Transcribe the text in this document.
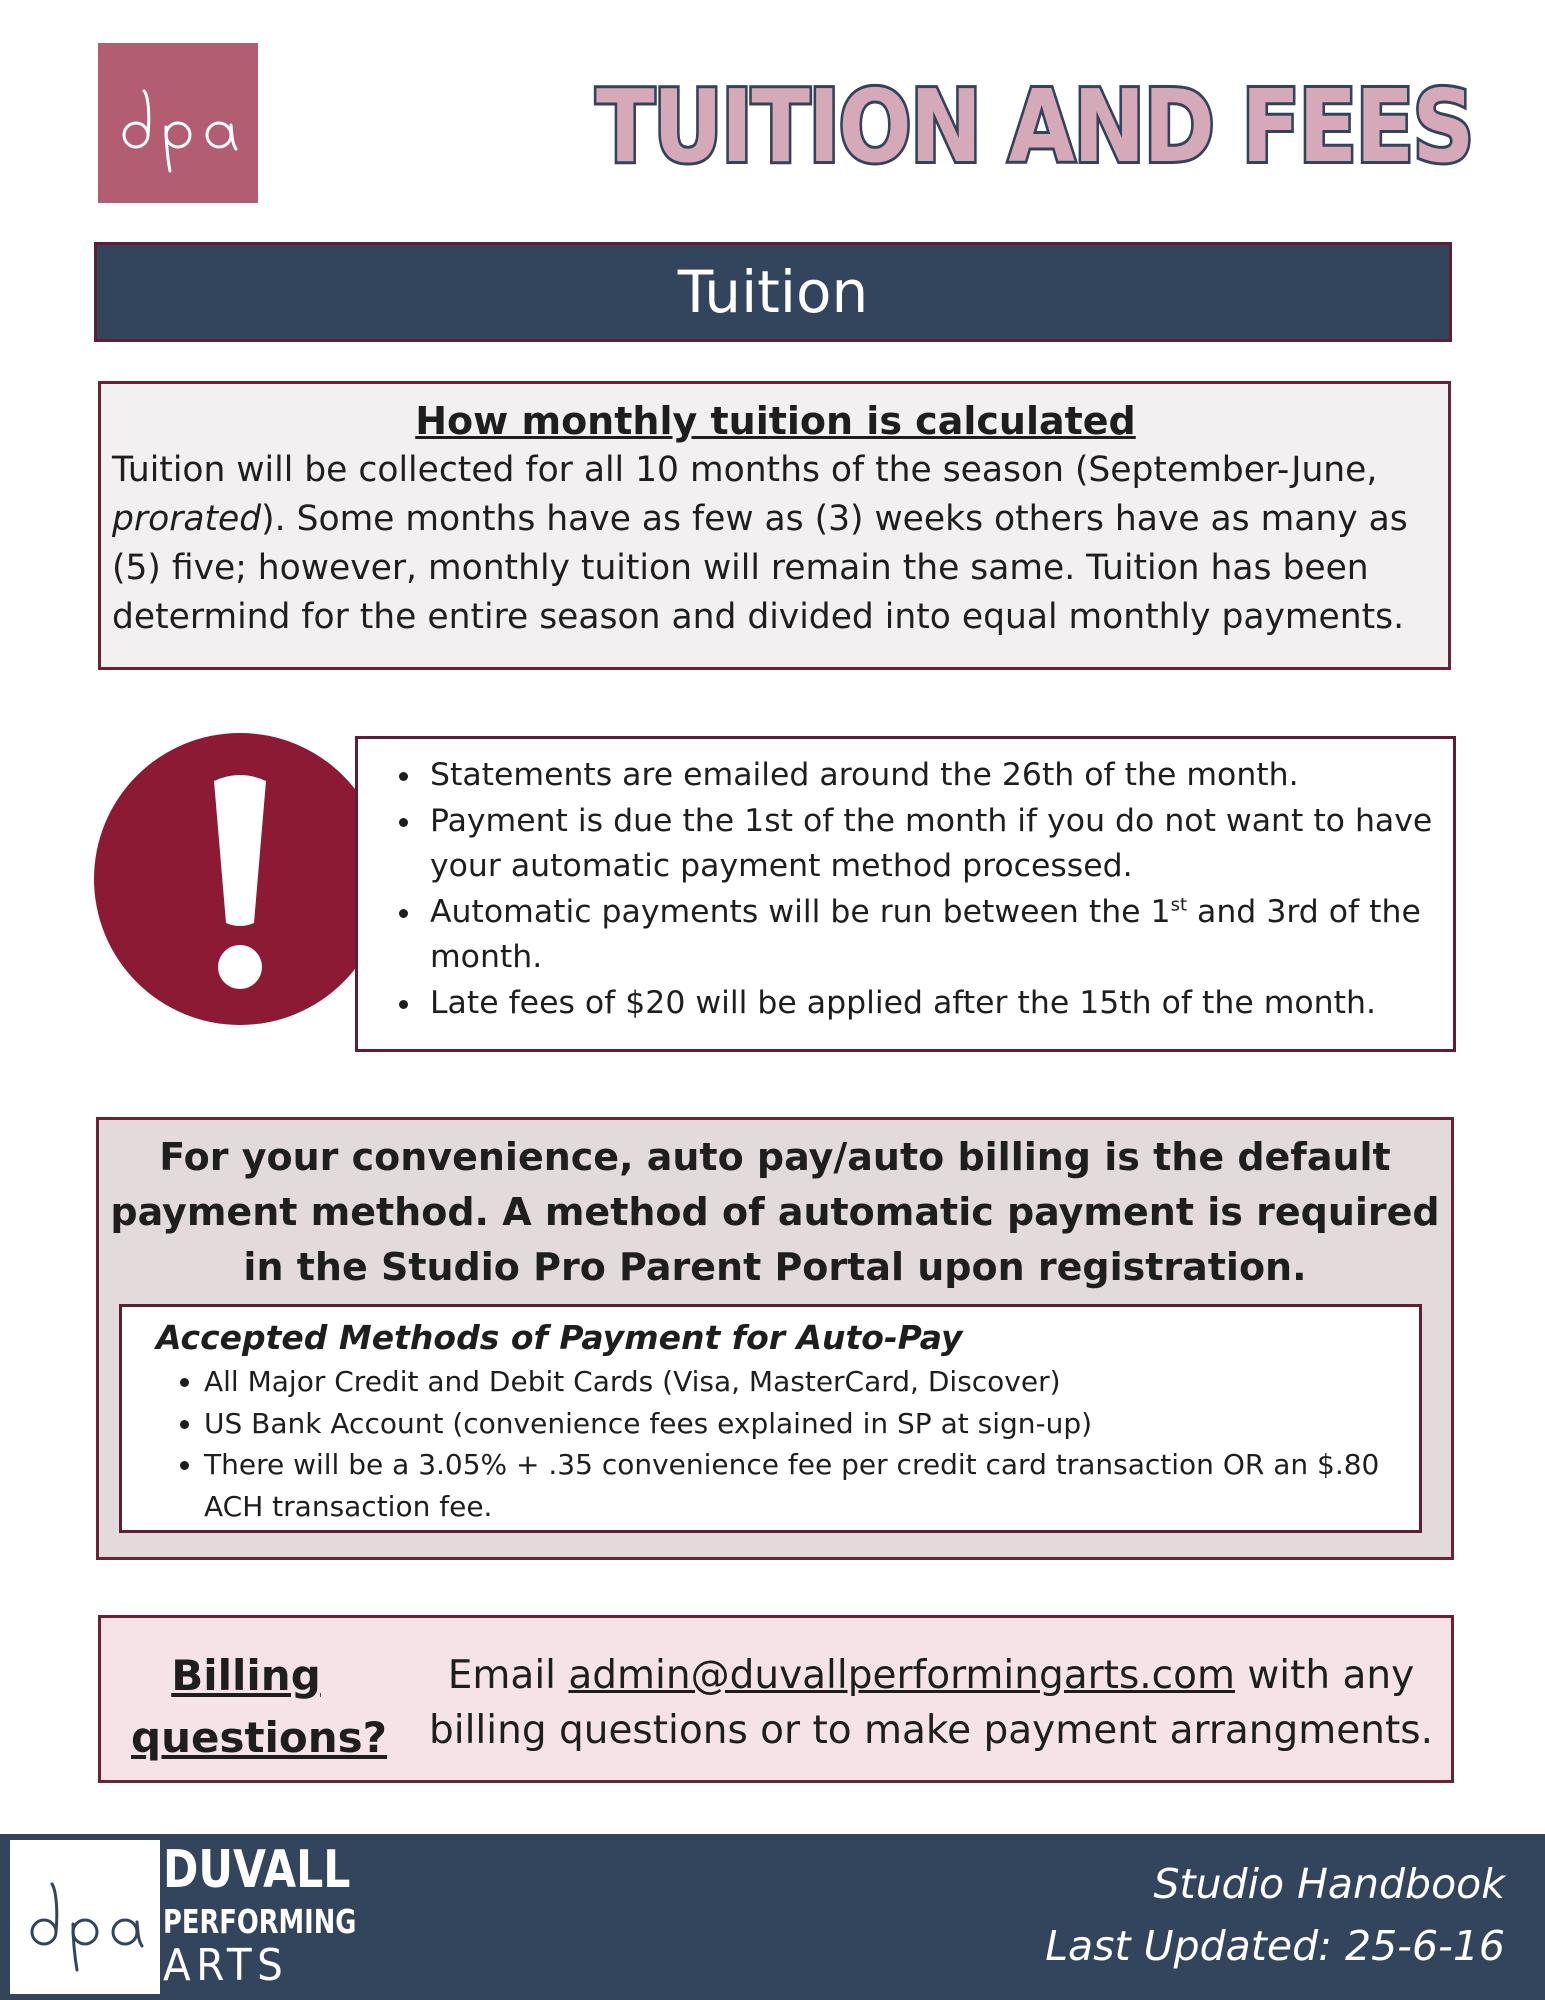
TUITION AND FEES
Tuition

How monthly tuition is calculated

Tuition will be collected for all 10 months of the season (September-June, prorated). Some months have as few as (3) weeks others have as many as (5) five; however, monthly tuition will remain the same. Tuition has been determind for the entire season and divided into equal monthly payments.

• Statements are emailed around the 26th of the month.
• Payment is due the 1st of the month if you do not want to have your automatic payment method processed.
• Automatic payments will be run between the 1st and 3rd of the month.
• Late fees of $20 will be applied after the 15th of the month.

For your convenience, auto pay/auto billing is the default payment method. A method of automatic payment is required in the Studio Pro Parent Portal upon registration.

Accepted Methods of Payment for Auto-Pay

• All Major Credit and Debit Cards (Visa, MasterCard, Discover)
• US Bank Account (convenience fees explained in SP at sign-up)
• There will be a 3.05% + .35 convenience fee per credit card transaction OR an $.80 ACH transaction fee.
Billing questions?
Email admin@duvallperformingarts.com with any billing questions or to make payment arrangments.
DUVALL
PERFORMING
ARTS
Studio Handbook
Last Updated: 25-6-16
